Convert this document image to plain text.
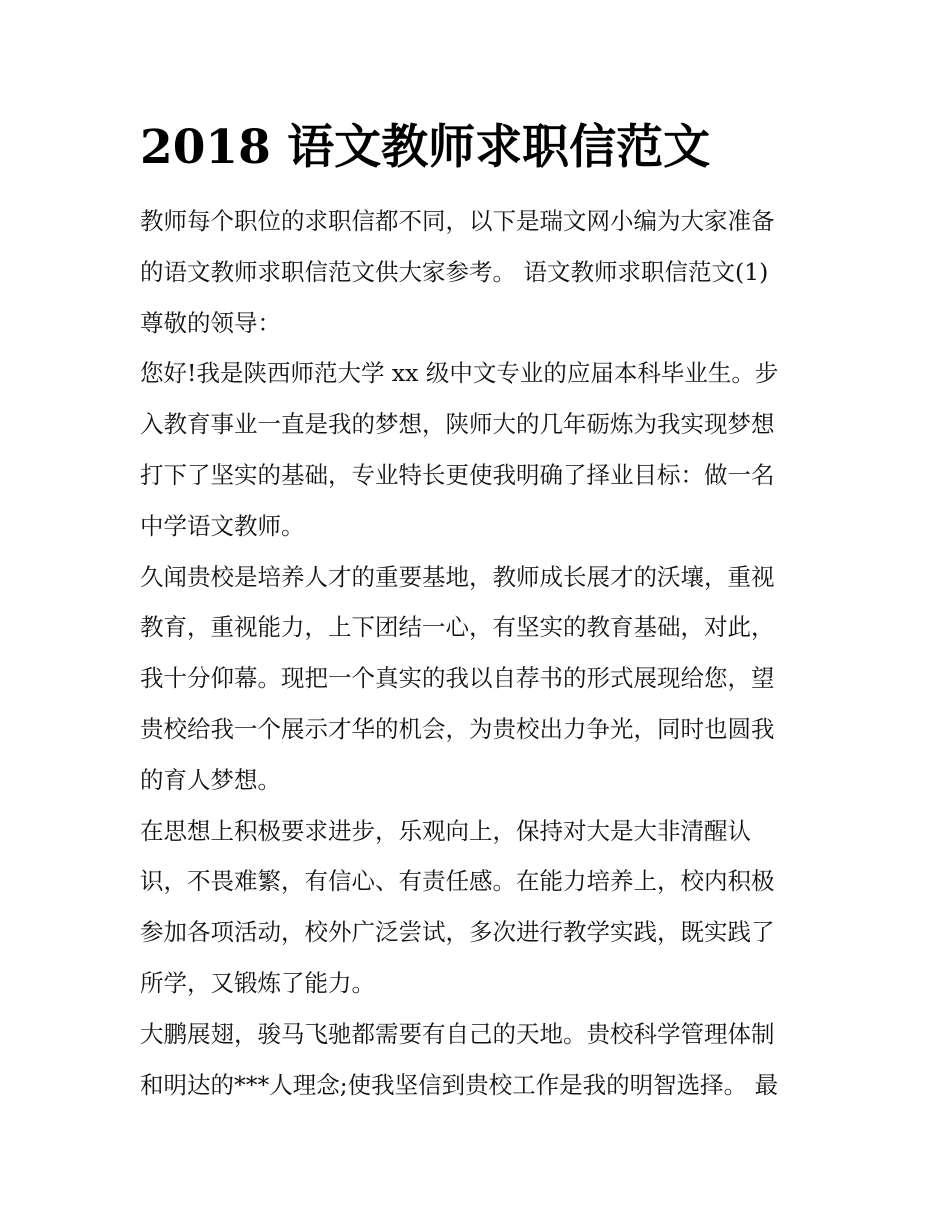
2018 语文教师求职信范文
教师每个职位的求职信都不同，以下是瑞文网小编为大家准备
的语文教师求职信范文供大家参考。 语文教师求职信范文(1)
尊敬的领导：
您好!我是陕西师范大学 xx 级中文专业的应届本科毕业生。步
入教育事业一直是我的梦想，陕师大的几年砺炼为我实现梦想
打下了坚实的基础，专业特长更使我明确了择业目标：做一名
中学语文教师。
久闻贵校是培养人才的重要基地，教师成长展才的沃壤，重视
教育，重视能力，上下团结一心，有坚实的教育基础，对此，
我十分仰幕。现把一个真实的我以自荐书的形式展现给您，望
贵校给我一个展示才华的机会，为贵校出力争光，同时也圆我
的育人梦想。
在思想上积极要求进步，乐观向上，保持对大是大非清醒认
识，不畏难繁，有信心、有责任感。在能力培养上，校内积极
参加各项活动，校外广泛尝试，多次进行教学实践，既实践了
所学，又锻炼了能力。
大鹏展翅，骏马飞驰都需要有自己的天地。贵校科学管理体制
和明达的***人理念;使我坚信到贵校工作是我的明智选择。 最
